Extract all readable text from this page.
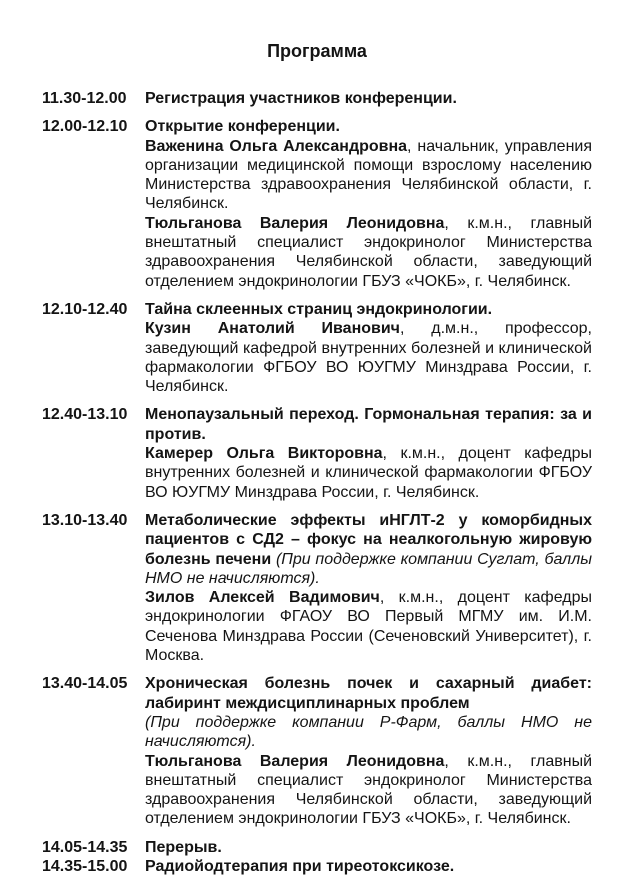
Программа
11.30-12.00	Регистрация участников конференции.

12.00-12.10	Открытие конференции.

Важенина Ольга Александровна, начальник, управления организации медицинской помощи взрослому населению Министерства здравоохранения Челябинской области, г. Челябинск.

Тюльганова Валерия Леонидовна, к.м.н., главный внештатный специалист эндокринолог Министерства здравоохранения Челябинской области, заведующий отделением эндокринологии ГБУЗ «ЧОКБ», г. Челябинск.

12.10-12.40	Тайна склеенных страниц эндокринологии.

Кузин Анатолий Иванович, д.м.н., профессор, заведующий кафедрой внутренних болезней и клинической фармакологии ФГБОУ ВО ЮУГМУ Минздрава России, г. Челябинск.

12.40-13.10	Менопаузальный переход. Гормональная терапия: за и против.

Камерер Ольга Викторовна, к.м.н., доцент кафедры внутренних болезней и клинической фармакологии ФГБОУ ВО ЮУГМУ Минздрава России, г. Челябинск.

13.10-13.40	Метаболические эффекты иНГЛТ-2 у коморбидных пациентов с СД2 – фокус на неалкогольную жировую болезнь печени (При поддержке компании Суглат, баллы НМО не начисляются).

Зилов Алексей Вадимович, к.м.н., доцент кафедры эндокринологии ФГАОУ ВО Первый МГМУ им. И.М. Сеченова Минздрава России (Сеченовский Университет), г. Москва.

13.40-14.05	Хроническая болезнь почек и сахарный диабет: лабиринт междисциплинарных проблем

(При поддержке компании Р-Фарм, баллы НМО не начисляются).

Тюльганова Валерия Леонидовна, к.м.н., главный внештатный специалист эндокринолог Министерства здравоохранения Челябинской области, заведующий отделением эндокринологии ГБУЗ «ЧОКБ», г. Челябинск.

14.05-14.35	Перерыв.

14.35-15.00	Радиойодтерапия при тиреотоксикозе.
